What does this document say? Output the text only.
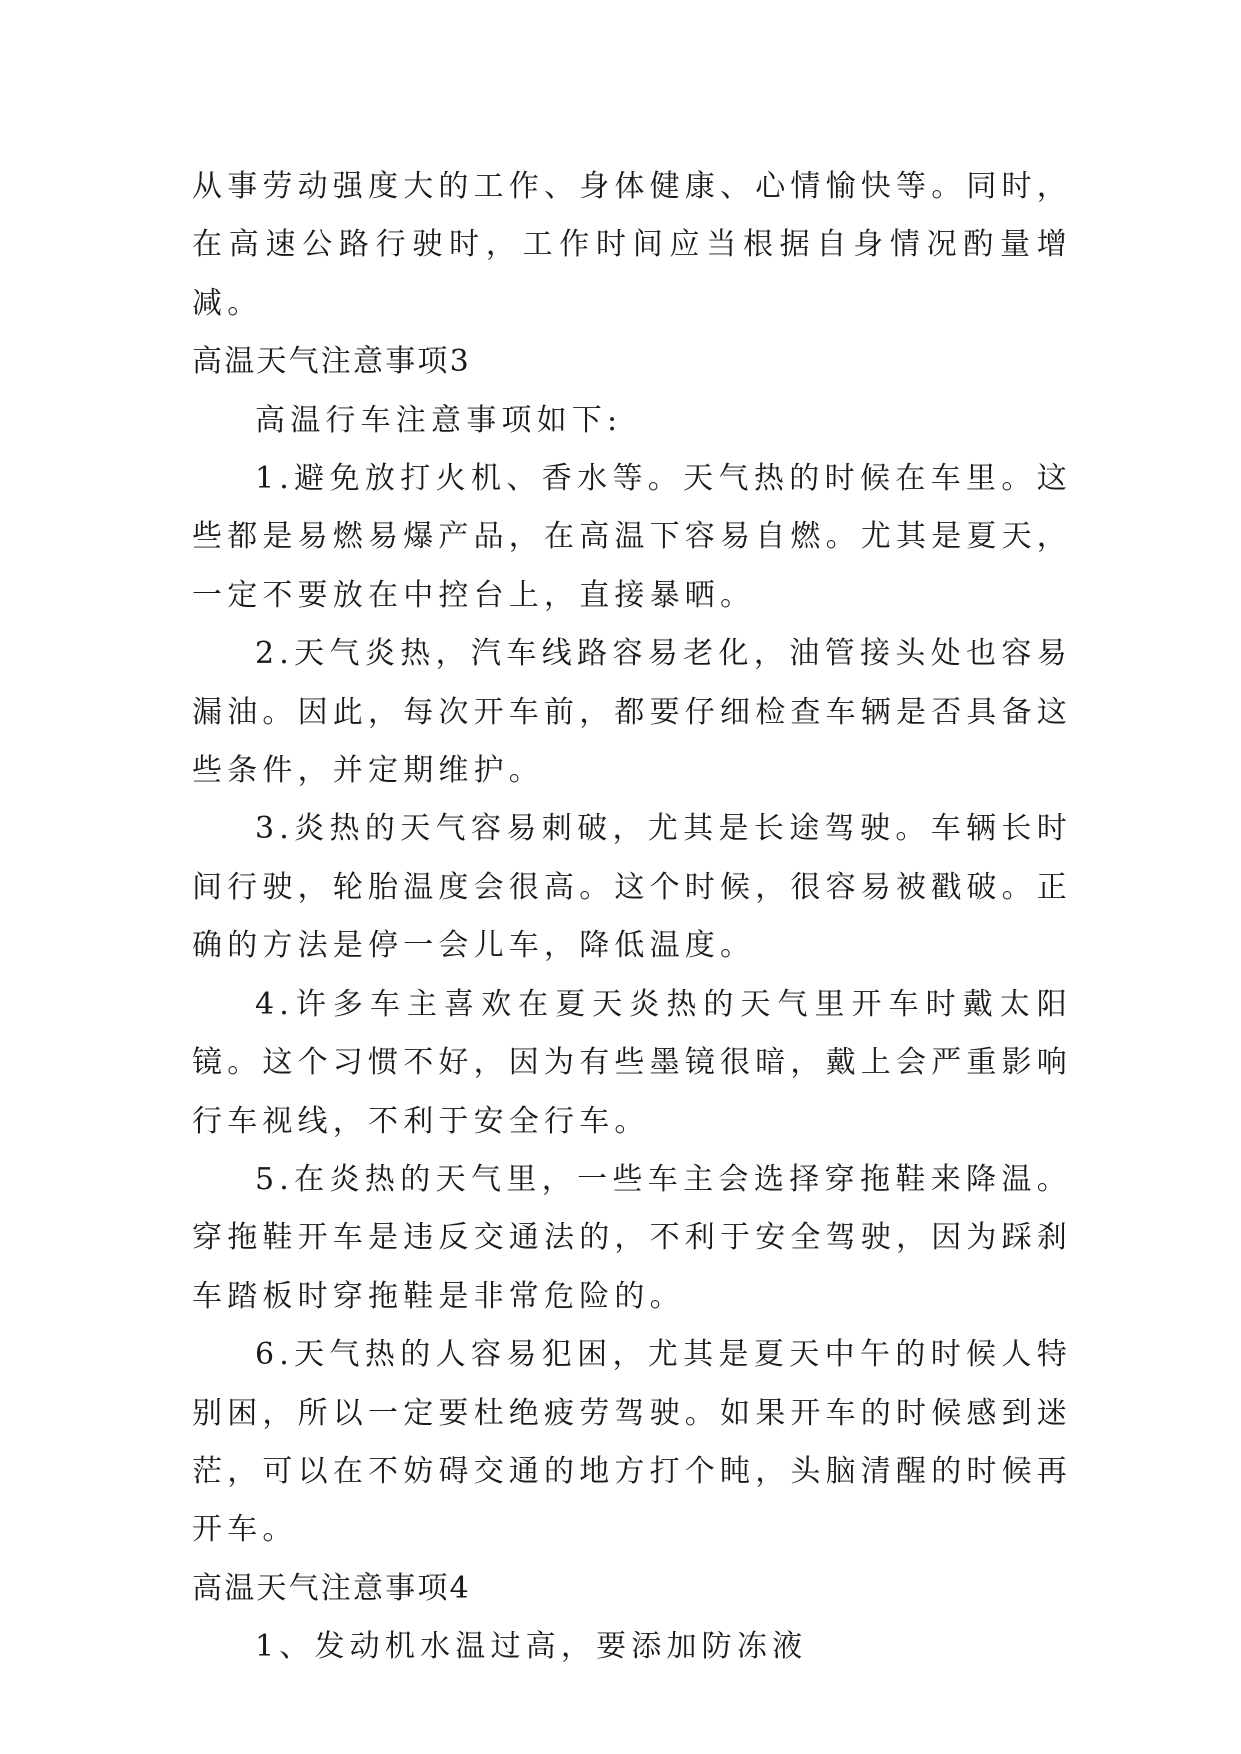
从事劳动强度大的工作、身体健康、心情愉快等。同时，在高速公路行驶时，工作时间应当根据自身情况酌量增减。

高温天气注意事项3

高温行车注意事项如下:

1.避免放打火机、香水等。天气热的时候在车里。这些都是易燃易爆产品，在高温下容易自燃。尤其是夏天，一定不要放在中控台上，直接暴晒。

2.天气炎热，汽车线路容易老化，油管接头处也容易漏油。因此，每次开车前，都要仔细检查车辆是否具备这些条件，并定期维护。

3.炎热的天气容易刺破，尤其是长途驾驶。车辆长时间行驶，轮胎温度会很高。这个时候，很容易被戳破。正确的方法是停一会儿车，降低温度。

4.许多车主喜欢在夏天炎热的天气里开车时戴太阳镜。这个习惯不好，因为有些墨镜很暗，戴上会严重影响行车视线，不利于安全行车。

5.在炎热的天气里，一些车主会选择穿拖鞋来降温。穿拖鞋开车是违反交通法的，不利于安全驾驶，因为踩刹车踏板时穿拖鞋是非常危险的。

6.天气热的人容易犯困，尤其是夏天中午的时候人特别困，所以一定要杜绝疲劳驾驶。如果开车的时候感到迷茫，可以在不妨碍交通的地方打个盹，头脑清醒的时候再开车。

高温天气注意事项4

1、发动机水温过高，要添加防冻液
